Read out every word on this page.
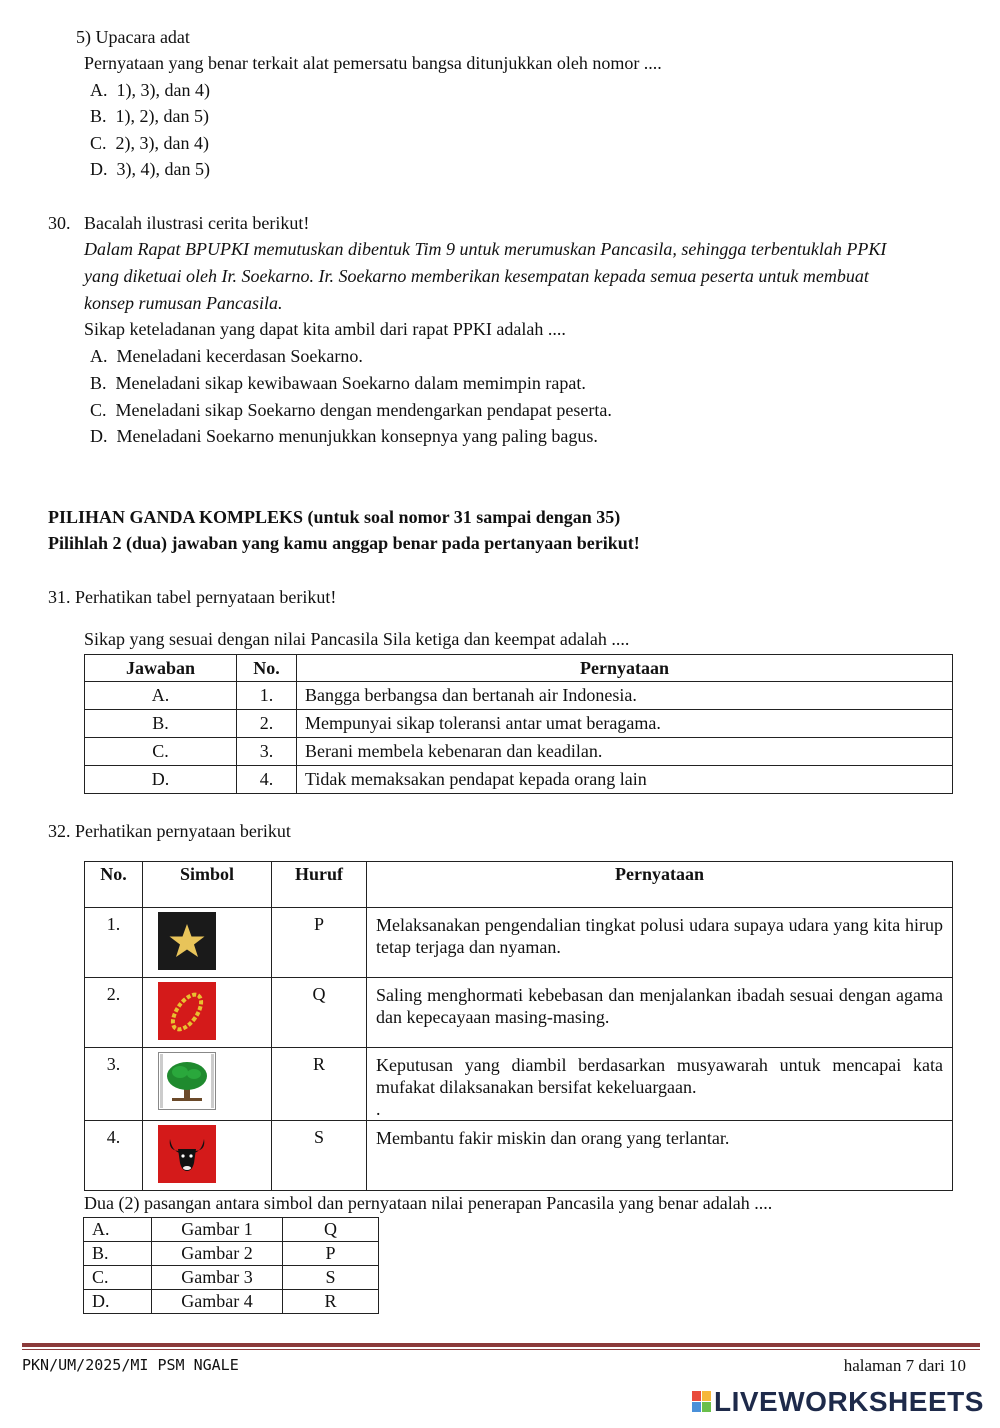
5) Upacara adat
Pernyataan yang benar terkait alat pemersatu bangsa ditunjukkan oleh nomor ....
A. 1), 3), dan 4)
B. 1), 2), dan 5)
C. 2), 3), dan 4)
D. 3), 4), dan 5)
30. Bacalah ilustrasi cerita berikut!
Dalam Rapat BPUPKI memutuskan dibentuk Tim 9 untuk merumuskan Pancasila, sehingga terbentuklah PPKI
yang diketuai oleh Ir. Soekarno. Ir. Soekarno memberikan kesempatan kepada semua peserta untuk membuat
konsep rumusan Pancasila.
Sikap keteladanan yang dapat kita ambil dari rapat PPKI adalah ....
A. Meneladani kecerdasan Soekarno.
B. Meneladani sikap kewibawaan Soekarno dalam memimpin rapat.
C. Meneladani sikap Soekarno dengan mendengarkan pendapat peserta.
D. Meneladani Soekarno menunjukkan konsepnya yang paling bagus.
PILIHAN GANDA KOMPLEKS (untuk soal nomor 31 sampai dengan 35)
Pilihlah 2 (dua) jawaban yang kamu anggap benar pada pertanyaan berikut!
31. Perhatikan tabel pernyataan berikut!
Sikap yang sesuai dengan nilai Pancasila Sila ketiga dan keempat adalah ....
Jawaban	No.	Pernyataan
A.	1.	Bangga berbangsa dan bertanah air Indonesia.
B.	2.	Mempunyai sikap toleransi antar umat beragama.
C.	3.	Berani membela kebenaran dan keadilan.
D.	4.	Tidak memaksakan pendapat kepada orang lain
32. Perhatikan pernyataan berikut
No.	Simbol	Huruf	Pernyataan
1.		P	Melaksanakan pengendalian tingkat polusi udara supaya udara yang kita hirup tetap terjaga dan nyaman.
2.		Q	Saling menghormati kebebasan dan menjalankan ibadah sesuai dengan agama dan kepecayaan masing-masing.
3.		R	Keputusan yang diambil berdasarkan musyawarah untuk mencapai kata mufakat dilaksanakan bersifat kekeluargaan.
.
4.		S	Membantu fakir miskin dan orang yang terlantar.
Dua (2) pasangan antara simbol dan pernyataan nilai penerapan Pancasila yang benar adalah ....
A.	Gambar 1	Q
B.	Gambar 2	P
C.	Gambar 3	S
D.	Gambar 4	R
PKN/UM/2025/MI PSM NGALE	halaman 7 dari 10
LIVEWORKSHEETS
